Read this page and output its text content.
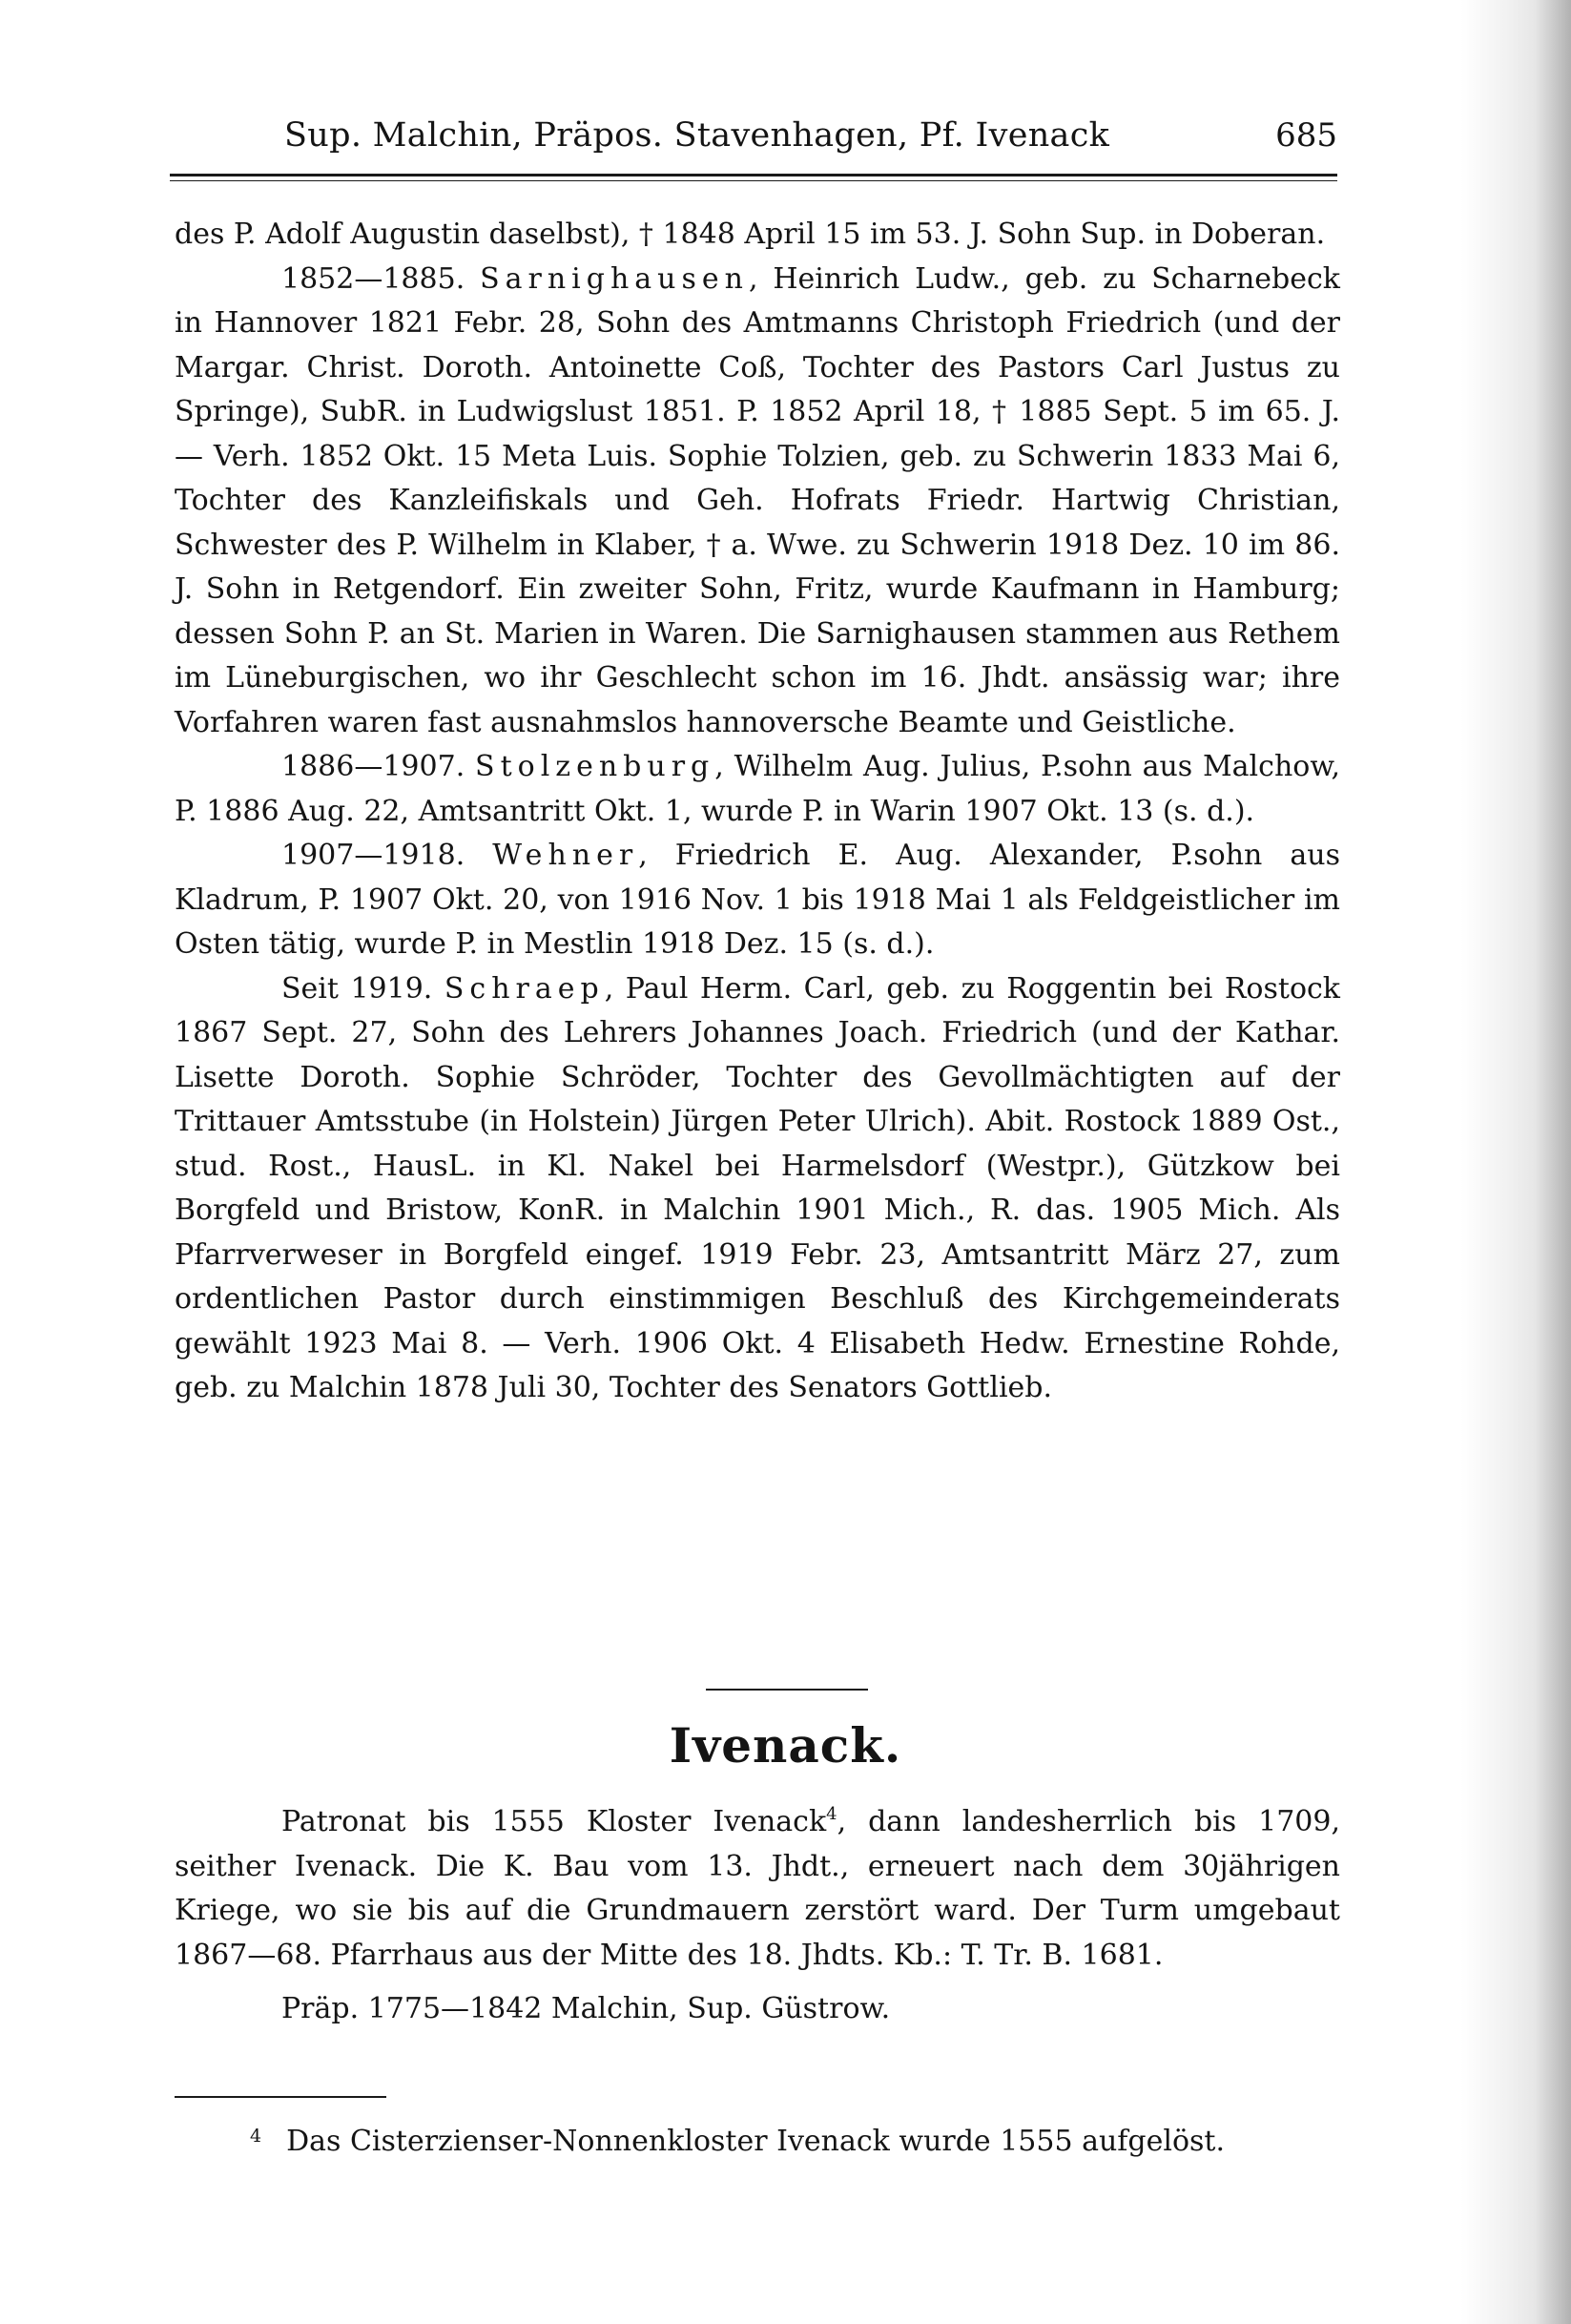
Sup. Malchin, Präpos. Stavenhagen, Pf. Ivenack	685

des P. Adolf Augustin daselbst), † 1848 April 15 im 53. J. Sohn Sup. in Doberan.

1852—1885. Sarnighausen, Heinrich Ludw., geb. zu Scharnebeck in Hannover 1821 Febr. 28, Sohn des Amtmanns Christoph Friedrich (und der Margar. Christ. Doroth. Antoinette Coß, Tochter des Pastors Carl Justus zu Springe), SubR. in Ludwigslust 1851. P. 1852 April 18, † 1885 Sept. 5 im 65. J. — Verh. 1852 Okt. 15 Meta Luis. Sophie Tolzien, geb. zu Schwerin 1833 Mai 6, Tochter des Kanzleifiskals und Geh. Hofrats Friedr. Hartwig Christian, Schwester des P. Wilhelm in Klaber, † a. Wwe. zu Schwerin 1918 Dez. 10 im 86. J. Sohn in Retgendorf. Ein zweiter Sohn, Fritz, wurde Kaufmann in Hamburg; dessen Sohn P. an St. Marien in Waren. Die Sarnighausen stammen aus Rethem im Lüneburgischen, wo ihr Geschlecht schon im 16. Jhdt. ansässig war; ihre Vorfahren waren fast ausnahmslos hannoversche Beamte und Geistliche.

1886—1907. Stolzenburg, Wilhelm Aug. Julius, P.sohn aus Malchow, P. 1886 Aug. 22, Amtsantritt Okt. 1, wurde P. in Warin 1907 Okt. 13 (s. d.).

1907—1918. Wehner, Friedrich E. Aug. Alexander, P.sohn aus Kladrum, P. 1907 Okt. 20, von 1916 Nov. 1 bis 1918 Mai 1 als Feldgeistlicher im Osten tätig, wurde P. in Mestlin 1918 Dez. 15 (s. d.).

Seit 1919. Schraep, Paul Herm. Carl, geb. zu Roggentin bei Rostock 1867 Sept. 27, Sohn des Lehrers Johannes Joach. Friedrich (und der Kathar. Lisette Doroth. Sophie Schröder, Tochter des Gevollmächtigten auf der Trittauer Amtsstube (in Holstein) Jürgen Peter Ulrich). Abit. Rostock 1889 Ost., stud. Rost., HausL. in Kl. Nakel bei Harmelsdorf (Westpr.), Gützkow bei Borgfeld und Bristow, KonR. in Malchin 1901 Mich., R. das. 1905 Mich. Als Pfarrverweser in Borgfeld eingef. 1919 Febr. 23, Amtsantritt März 27, zum ordentlichen Pastor durch einstimmigen Beschluß des Kirchgemeinderats gewählt 1923 Mai 8. — Verh. 1906 Okt. 4 Elisabeth Hedw. Ernestine Rohde, geb. zu Malchin 1878 Juli 30, Tochter des Senators Gottlieb.

Ivenack.

Patronat bis 1555 Kloster Ivenack$^4$, dann landesherrlich bis 1709, seither Ivenack. Die K. Bau vom 13. Jhdt., erneuert nach dem 30jährigen Kriege, wo sie bis auf die Grundmauern zerstört ward. Der Turm umgebaut 1867—68. Pfarrhaus aus der Mitte des 18. Jhdts. Kb.: T. Tr. B. 1681.

Präp. 1775—1842 Malchin, Sup. Güstrow.

$^4$ Das Cisterzienser-Nonnenkloster Ivenack wurde 1555 aufgelöst.
